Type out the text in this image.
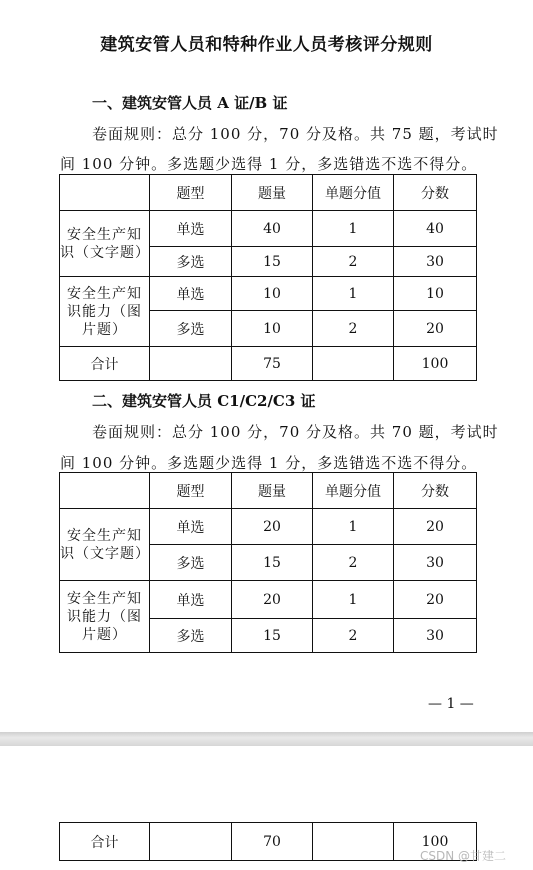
建筑安管人员和特种作业人员考核评分规则
一、建筑安管人员 A 证/B 证
卷面规则：总分 100 分，70 分及格。共 75 题，考试时
间 100 分钟。多选题少选得 1 分，多选错选不选不得分。
	题型	题量	单题分值	分数
安全生产知识（文字题）	单选	40	1	40
	多选	15	2	30
安全生产知识能力（图片题）	单选	10	1	10
	多选	10	2	20
合计		75		100
二、建筑安管人员 C1/C2/C3 证
卷面规则：总分 100 分，70 分及格。共 70 题，考试时
间 100 分钟。多选题少选得 1 分，多选错选不选不得分。
	题型	题量	单题分值	分数
安全生产知识（文字题）	单选	20	1	20
	多选	15	2	30
安全生产知识能力（图片题）	单选	20	1	20
	多选	15	2	30
— 1 —
合计		70		100
CSDN @甘建二
